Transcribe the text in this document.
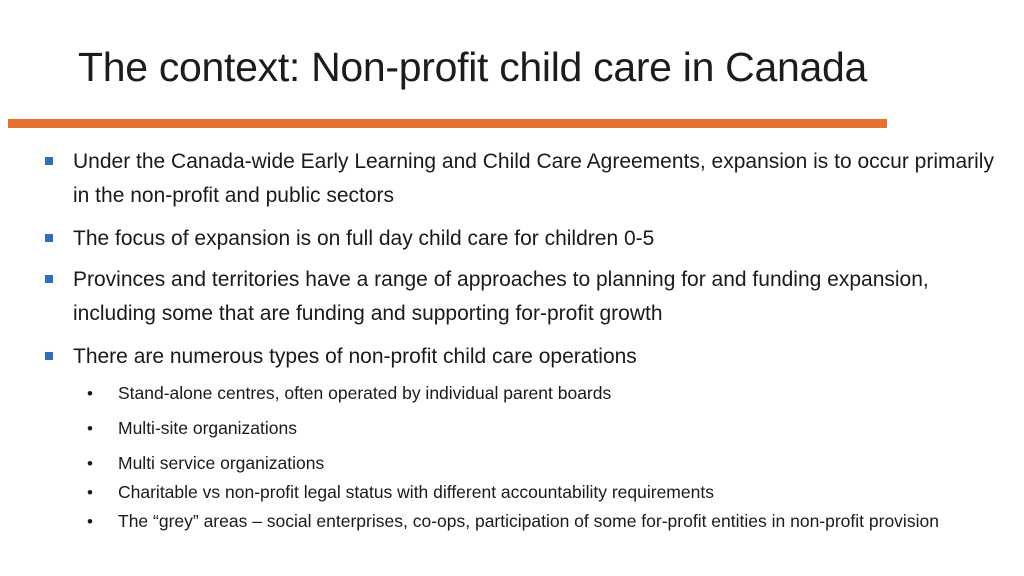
The context: Non-profit child care in Canada
Under the Canada-wide Early Learning and Child Care Agreements, expansion is to occur primarily in the non-profit and public sectors
The focus of expansion is on full day child care for children 0-5
Provinces and territories have a range of approaches to planning for and funding expansion, including some that are funding and supporting for-profit growth
There are numerous types of non-profit child care operations
• Stand-alone centres, often operated by individual parent boards
• Multi-site organizations
• Multi service organizations
• Charitable vs non-profit legal status with different accountability requirements
• The “grey” areas – social enterprises, co-ops, participation of some for-profit entities in non-profit provision
